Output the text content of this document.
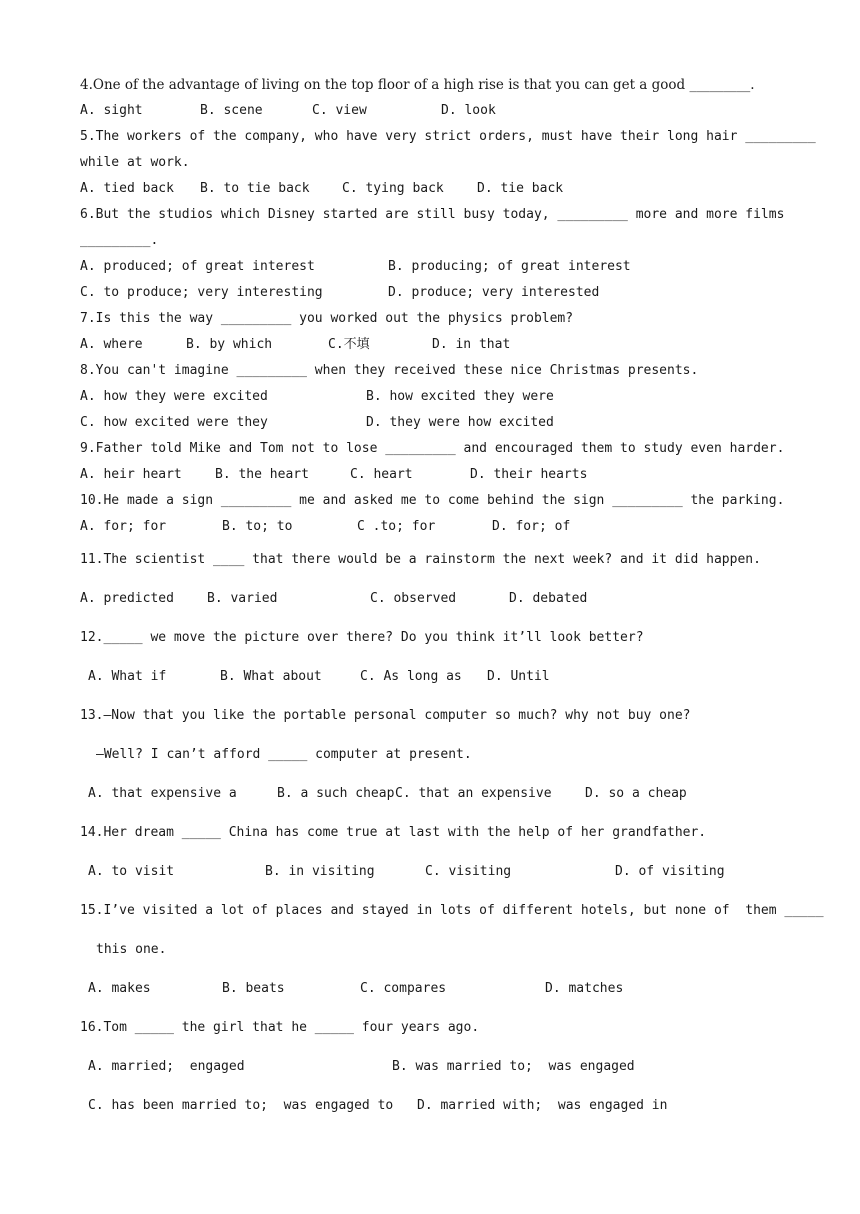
4.One of the advantage of living on the top floor of a high rise is that you can get a good _________.
A. sight	B. scene	C. view	D. look
5.The workers of the company, who have very strict orders, must have their long hair _________
while at work.
A. tied back B. to tie back C. tying back	D. tie back
6.But the studios which Disney started are still busy today, _________ more and more films
_________.
A. produced; of great interest	B. producing; of great interest
C. to produce; very interesting	D. produce; very interested
7.Is this the way _________ you worked out the physics problem?
A. where	B. by which	C.不填	D. in that
8.You can't imagine _________ when they received these nice Christmas presents.
A. how they were excited	B. how excited they were
C. how excited were they	D. they were how excited
9.Father told Mike and Tom not to lose _________ and encouraged them to study even harder.
A. heir heart	B. the heart	C. heart	D. their hearts
10.He made a sign _________ me and asked me to come behind the sign _________ the parking.
A. for; for	B. to; to	C .to; for	D. for; of
11.The scientist ____ that there would be a rainstorm the next week? and it did happen.
A. predicted	B. varied	C. observed	D. debated
12._____ we move the picture over there? Do you think it’ll look better?
A. What if	B. What about	C. As long as D. Until
13.—Now that you like the portable personal computer so much? why not buy one?
—Well? I can’t afford _____ computer at present.
A. that expensive a	B. a such cheap C. that an expensive	D. so a cheap
14.Her dream _____ China has come true at last with the help of her grandfather.
A. to visit	B. in visiting	C. visiting	D. of visiting
15.I’ve visited a lot of places and stayed in lots of different hotels, but none of  them _____
this one.
A. makes	B. beats	C. compares	D. matches
16.Tom _____ the girl that he _____ four years ago.
A. married;  engaged	B. was married to;  was engaged
C. has been married to;  was engaged to D. married with;  was engaged in
